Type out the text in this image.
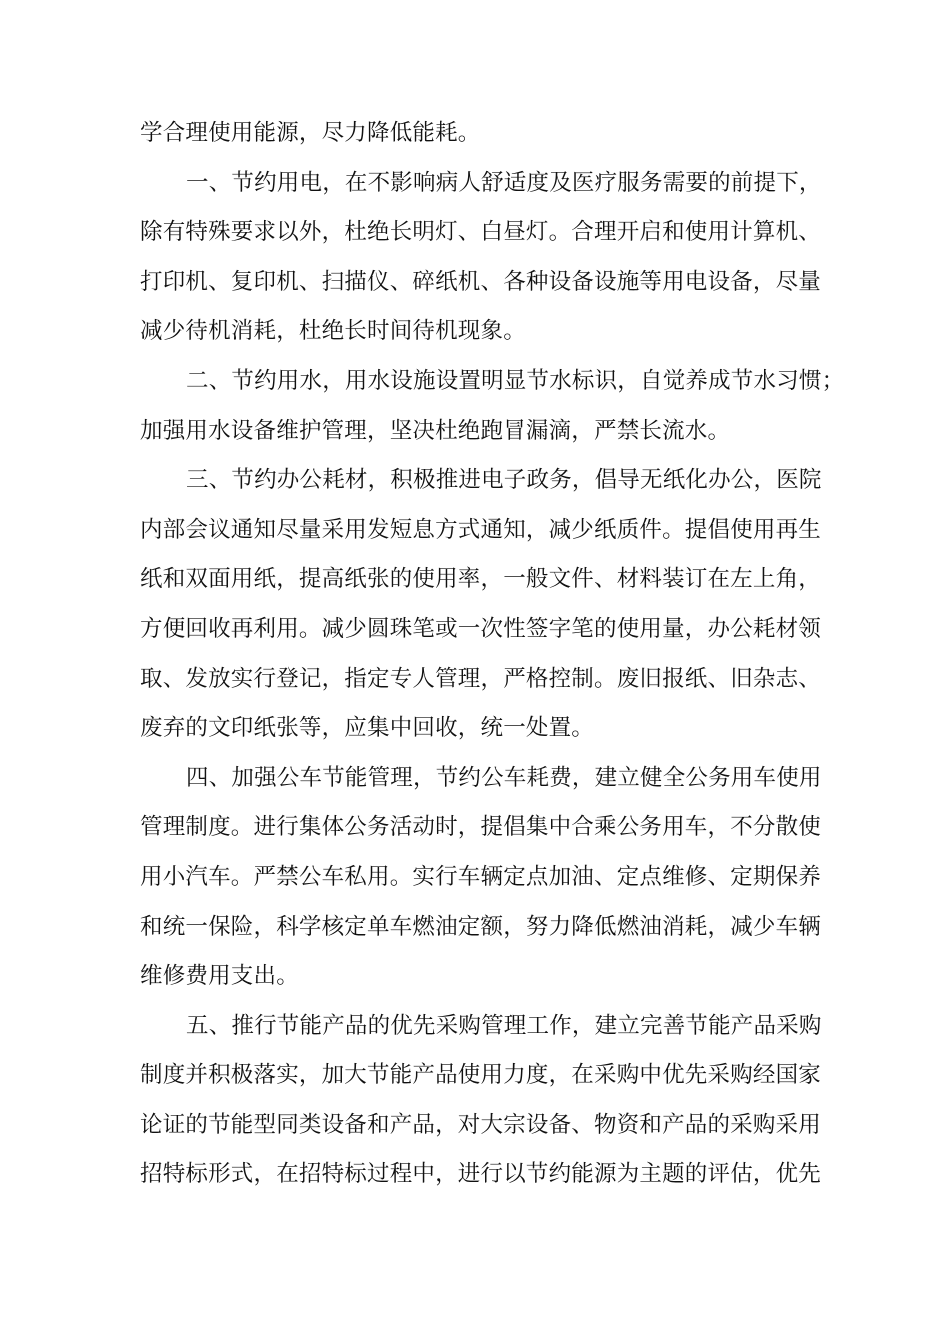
学合理使用能源，尽力降低能耗。
一、节约用电，在不影响病人舒适度及医疗服务需要的前提下，
除有特殊要求以外，杜绝长明灯、白昼灯。合理开启和使用计算机、
打印机、复印机、扫描仪、碎纸机、各种设备设施等用电设备，尽量
减少待机消耗，杜绝长时间待机现象。
二、节约用水，用水设施设置明显节水标识，自觉养成节水习惯；
加强用水设备维护管理，坚决杜绝跑冒漏滴，严禁长流水。
三、节约办公耗材，积极推进电子政务，倡导无纸化办公，医院
内部会议通知尽量采用发短息方式通知，减少纸质件。提倡使用再生
纸和双面用纸，提高纸张的使用率，一般文件、材料装订在左上角，
方便回收再利用。减少圆珠笔或一次性签字笔的使用量，办公耗材领
取、发放实行登记，指定专人管理，严格控制。废旧报纸、旧杂志、
废弃的文印纸张等，应集中回收，统一处置。
四、加强公车节能管理，节约公车耗费，建立健全公务用车使用
管理制度。进行集体公务活动时，提倡集中合乘公务用车，不分散使
用小汽车。严禁公车私用。实行车辆定点加油、定点维修、定期保养
和统一保险，科学核定单车燃油定额，努力降低燃油消耗，减少车辆
维修费用支出。
五、推行节能产品的优先采购管理工作，建立完善节能产品采购
制度并积极落实，加大节能产品使用力度，在采购中优先采购经国家
论证的节能型同类设备和产品，对大宗设备、物资和产品的采购采用
招特标形式，在招特标过程中，进行以节约能源为主题的评估，优先
